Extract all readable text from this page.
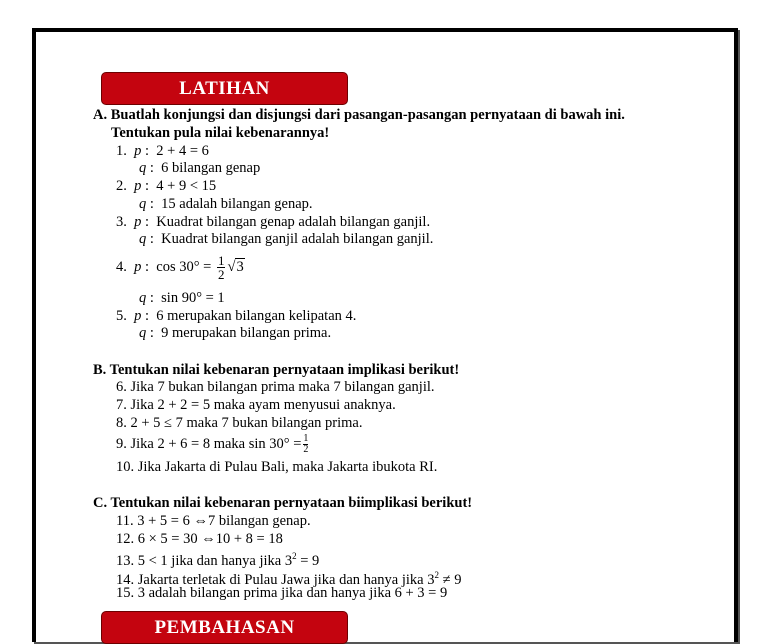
LATIHAN
A. Buatlah konjungsi dan disjungsi dari pasangan-pasangan pernyataan di bawah ini.
Tentukan pula nilai kebenarannya!
1. p : 2 + 4 = 6
q : 6 bilangan genap
2. p : 4 + 9 < 15
q : 15 adalah bilangan genap.
3. p : Kuadrat bilangan genap adalah bilangan ganjil.
q : Kuadrat bilangan ganjil adalah bilangan ganjil.
4. p : $\cos 30^\circ = \frac{1}{2} √3$
q : sin 90° = 1
5. p : 6 merupakan bilangan kelipatan 4.
q : 9 merupakan bilangan prima.
B. Tentukan nilai kebenaran pernyataan implikasi berikut!
6. Jika 7 bukan bilangan prima maka 7 bilangan ganjil.
7. Jika 2 + 2 = 5 maka ayam menyusui anaknya.
8. 2 + 5 ≤ 7 maka 7 bukan bilangan prima.
9. Jika 2 + 6 = 8 maka $\sin 30^\circ = \frac{1}{2}$
10. Jika Jakarta di Pulau Bali, maka Jakarta ibukota RI.
C. Tentukan nilai kebenaran pernyataan biimplikasi berikut!
11. 3 + 5 = 6 ⇔7 bilangan genap.
12. 6 × 5 = 30 ⇔10 + 8 = 18
13. 5 < 1 jika dan hanya jika $3^2 = 9$
14. Jakarta terletak di Pulau Jawa jika dan hanya jika $3^2 \ne 9$
15. 3 adalah bilangan prima jika dan hanya jika 6 + 3 = 9
PEMBAHASAN
